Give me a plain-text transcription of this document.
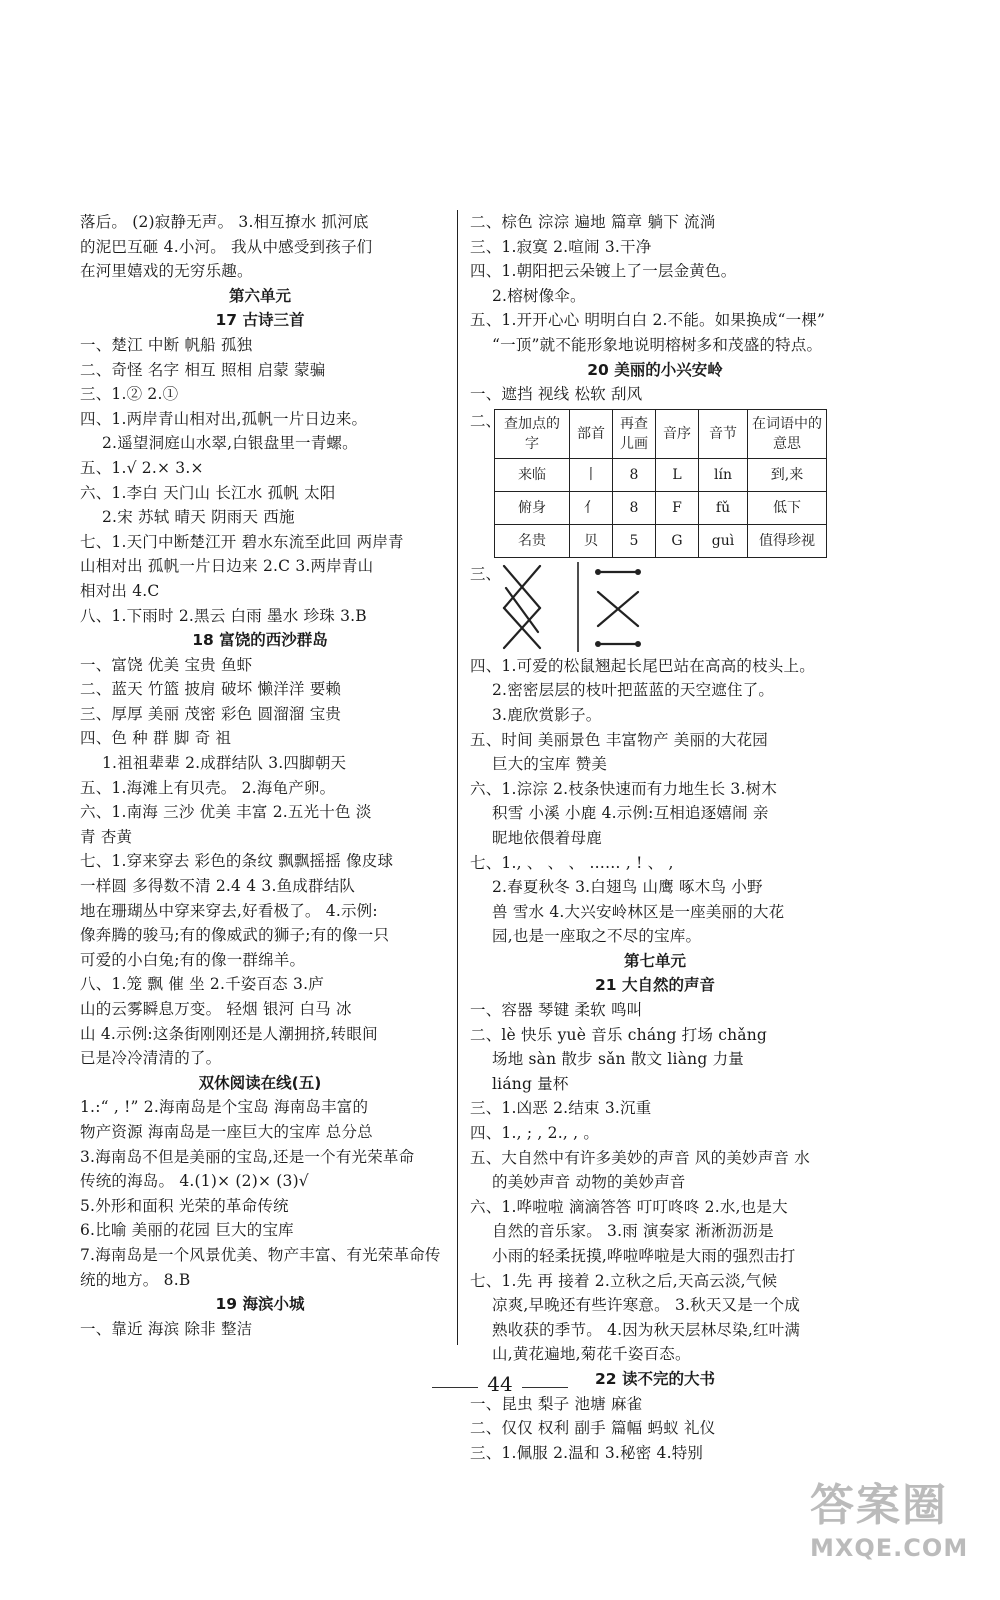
落后。 (2)寂静无声。 3.相互撩水 抓河底
的泥巴互砸 4.小河。 我从中感受到孩子们
在河里嬉戏的无穷乐趣。
第六单元
17 古诗三首
一、楚江 中断 帆船 孤独
二、奇怪 名字 相互 照相 启蒙 蒙骗
三、1.② 2.①
四、1.两岸青山相对出,孤帆一片日边来。
2.遥望洞庭山水翠,白银盘里一青螺。
五、1.√ 2.× 3.×
六、1.李白 天门山 长江水 孤帆 太阳
2.宋 苏轼 晴天 阴雨天 西施
七、1.天门中断楚江开 碧水东流至此回 两岸青
山相对出 孤帆一片日边来 2.C 3.两岸青山
相对出 4.C
八、1.下雨时 2.黑云 白雨 墨水 珍珠 3.B
18 富饶的西沙群岛
一、富饶 优美 宝贵 鱼虾
二、蓝天 竹篮 披肩 破坏 懒洋洋 要赖
三、厚厚 美丽 茂密 彩色 圆溜溜 宝贵
四、色 种 群 脚 奇 祖
1.祖祖辈辈 2.成群结队 3.四脚朝天
五、1.海滩上有贝壳。 2.海龟产卵。
六、1.南海 三沙 优美 丰富 2.五光十色 淡
青 杏黄
七、1.穿来穿去 彩色的条纹 飘飘摇摇 像皮球
一样圆 多得数不清 2.4 4 3.鱼成群结队
地在珊瑚丛中穿来穿去,好看极了。 4.示例:
像奔腾的骏马;有的像威武的狮子;有的像一只
可爱的小白兔;有的像一群绵羊。
八、1.笼 飘 催 坐 2.千姿百态 3.庐
山的云雾瞬息万变。 轻烟 银河 白马 冰
山 4.示例:这条街刚刚还是人潮拥挤,转眼间
已是冷冷清清的了。
双休阅读在线(五)
1.:“ , !” 2.海南岛是个宝岛 海南岛丰富的
物产资源 海南岛是一座巨大的宝库 总分总
3.海南岛不但是美丽的宝岛,还是一个有光荣革命
传统的海岛。 4.(1)× (2)× (3)√
5.外形和面积 光荣的革命传统
6.比喻 美丽的花园 巨大的宝库
7.海南岛是一个风景优美、物产丰富、有光荣革命传
统的地方。 8.B
19 海滨小城
一、靠近 海滨 除非 整洁
二、棕色 淙淙 遍地 篇章 躺下 流淌
三、1.寂寞 2.喧闹 3.干净
四、1.朝阳把云朵镀上了一层金黄色。
2.榕树像伞。
五、1.开开心心 明明白白 2.不能。如果换成“一棵”
“一顶”就不能形象地说明榕树多和茂盛的特点。
20 美丽的小兴安岭
一、遮挡 视线 松软 刮风
二、 查加点的字	部首	再查儿画	音序	音节	在词语中的意思
来临	丨	8	L	lín	到,来
俯身	亻	8	F	fǔ	低下
名贵	贝	5	G	guì	值得珍视
三、
四、1.可爱的松鼠翘起长尾巴站在高高的枝头上。
2.密密层层的枝叶把蓝蓝的天空遮住了。
3.鹿欣赏影子。
五、时间 美丽景色 丰富物产 美丽的大花园
巨大的宝库 赞美
六、1.淙淙 2.枝条快速而有力地生长 3.树木
积雪 小溪 小鹿 4.示例:互相追逐嬉闹 亲
昵地依偎着母鹿
七、1., 、 、 、 …… , ! 、 ,
2.春夏秋冬 3.白翅鸟 山鹰 啄木鸟 小野
兽 雪水 4.大兴安岭林区是一座美丽的大花
园,也是一座取之不尽的宝库。
第七单元
21 大自然的声音
一、容器 琴键 柔软 鸣叫
二、lè 快乐 yuè 音乐 cháng 打场 chǎng
场地 sàn 散步 sǎn 散文 liàng 力量
liáng 量杯
三、1.凶恶 2.结束 3.沉重
四、1., ; , 2., , 。
五、大自然中有许多美妙的声音 风的美妙声音 水
的美妙声音 动物的美妙声音
六、1.哗啦啦 滴滴答答 叮叮咚咚 2.水,也是大
自然的音乐家。 3.雨 演奏家 淅淅沥沥是
小雨的轻柔抚摸,哗啦哗啦是大雨的强烈击打
七、1.先 再 接着 2.立秋之后,天高云淡,气候
凉爽,早晚还有些许寒意。 3.秋天又是一个成
熟收获的季节。 4.因为秋天层林尽染,红叶满
山,黄花遍地,菊花千姿百态。
22 读不完的大书
一、昆虫 梨子 池塘 麻雀
二、仅仅 权利 副手 篇幅 蚂蚁 礼仪
三、1.佩服 2.温和 3.秘密 4.特别
44
答案圈
MXQE.COM
